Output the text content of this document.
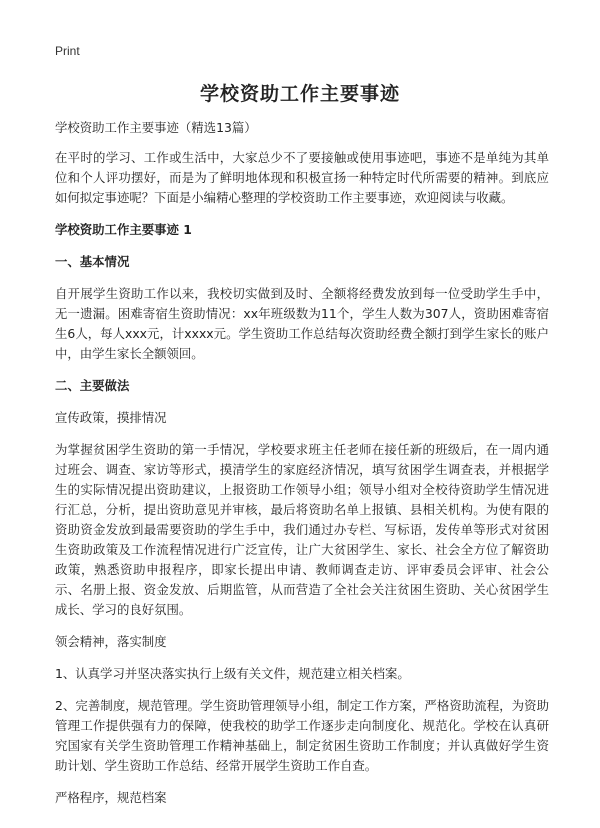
Print
学校资助工作主要事迹

学校资助工作主要事迹（精选13篇）

在平时的学习、工作或生活中，大家总少不了要接触或使用事迹吧，事迹不是单纯为其单位和个人评功摆好，而是为了鲜明地体现和积极宣扬一种特定时代所需要的精神。到底应如何拟定事迹呢？下面是小编精心整理的学校资助工作主要事迹，欢迎阅读与收藏。

学校资助工作主要事迹 1

一、基本情况

自开展学生资助工作以来，我校切实做到及时、全额将经费发放到每一位受助学生手中，无一遗漏。困难寄宿生资助情况：xx年班级数为11个，学生人数为307人，资助困难寄宿生6人，每人xxx元，计xxxx元。学生资助工作总结每次资助经费全额打到学生家长的账户中，由学生家长全额领回。

二、主要做法

宣传政策，摸排情况

为掌握贫困学生资助的第一手情况，学校要求班主任老师在接任新的班级后，在一周内通过班会、调查、家访等形式，摸清学生的家庭经济情况，填写贫困学生调查表，并根据学生的实际情况提出资助建议，上报资助工作领导小组；领导小组对全校待资助学生情况进行汇总，分析，提出资助意见并审核，最后将资助名单上报镇、县相关机构。为使有限的资助资金发放到最需要资助的学生手中，我们通过办专栏、写标语，发传单等形式对贫困生资助政策及工作流程情况进行广泛宣传，让广大贫困学生、家长、社会全方位了解资助政策，熟悉资助申报程序，即家长提出申请、教师调查走访、评审委员会评审、社会公示、名册上报、资金发放、后期监管，从而营造了全社会关注贫困生资助、关心贫困学生成长、学习的良好氛围。

领会精神，落实制度

1、认真学习并坚决落实执行上级有关文件，规范建立相关档案。

2、完善制度，规范管理。学生资助管理领导小组，制定工作方案，严格资助流程，为资助管理工作提供强有力的保障，使我校的助学工作逐步走向制度化、规范化。学校在认真研究国家有关学生资助管理工作精神基础上，制定贫困生资助工作制度；并认真做好学生资助计划、学生资助工作总结、经常开展学生资助工作自查。

严格程序，规范档案
